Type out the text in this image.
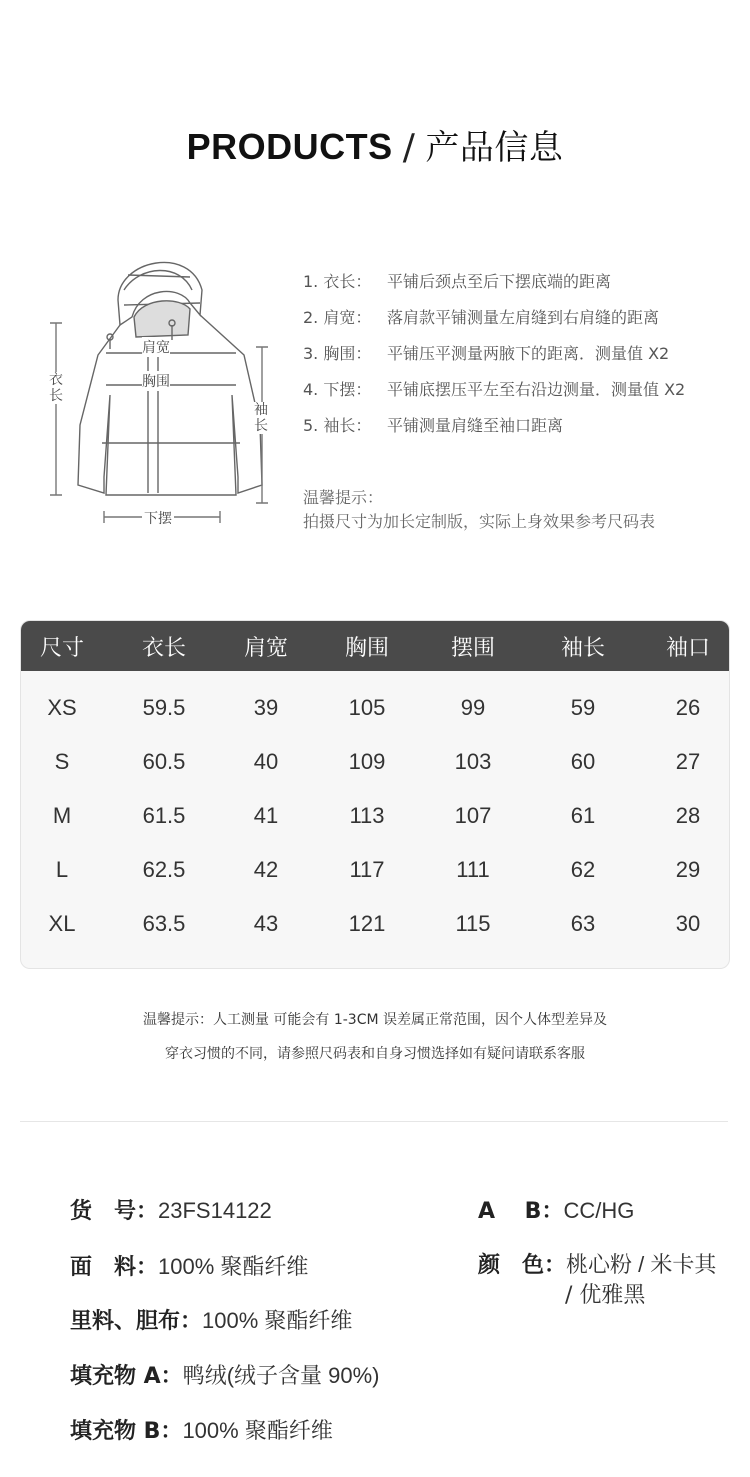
PRODUCTS / 产品信息
肩宽
胸围
衣长
袖长
下摆
1. 衣长： 平铺后颈点至后下摆底端的距离
2. 肩宽： 落肩款平铺测量左肩缝到右肩缝的距离
3. 胸围： 平铺压平测量两腋下的距离．测量值 X2
4. 下摆： 平铺底摆压平左至右沿边测量．测量值 X2
5. 袖长： 平铺测量肩缝至袖口距离
温馨提示：
拍摄尺寸为加长定制版，实际上身效果参考尺码表
尺寸	衣长	肩宽	胸围	摆围	袖长	袖口
XS	59.5	39	105	99	59	26
S	60.5	40	109	103	60	27
M	61.5	41	113	107	61	28
L	62.5	42	117	111	62	29
XL	63.5	43	121	115	63	30
温馨提示：人工测量 可能会有 1-3CM 误差属正常范围，因个人体型差异及
穿衣习惯的不同，请参照尺码表和自身习惯选择如有疑问请联系客服
货　号：23FS14122
面　料：100% 聚酯纤维
里料、胆布：100% 聚酯纤维
填充物 A：鸭绒(绒子含量 90%)
填充物 B：100% 聚酯纤维
A　 B：CC/HG
颜　色：桃心粉 / 米卡其
/ 优雅黑
